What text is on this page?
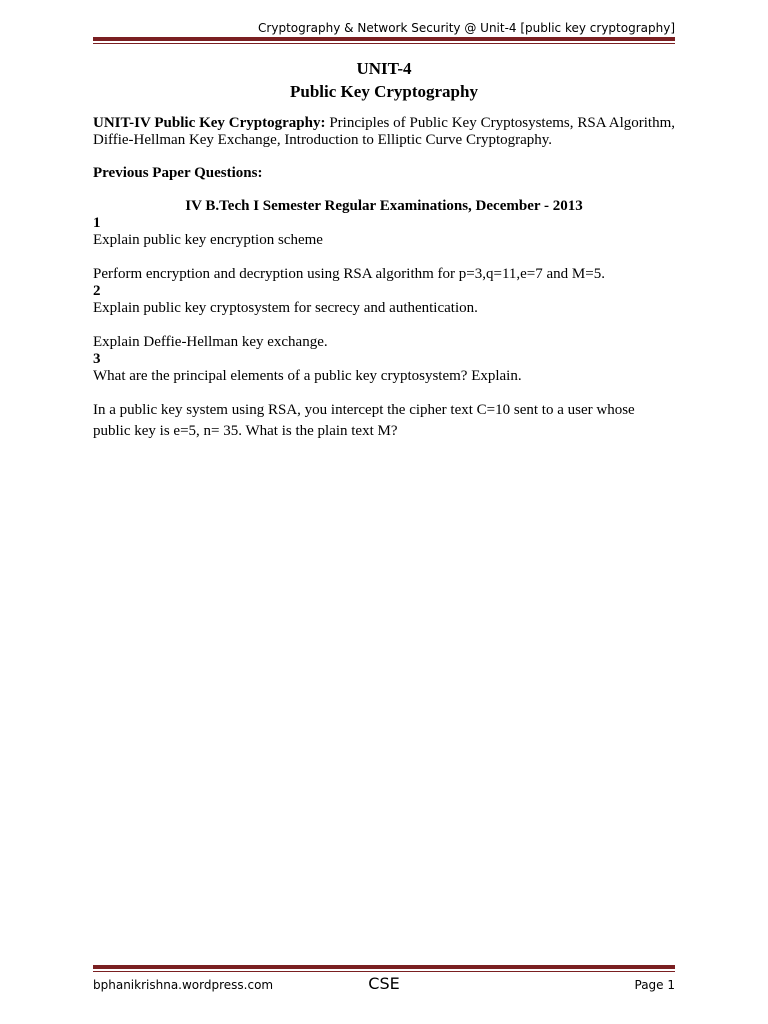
Cryptography & Network Security @ Unit-4 [public key cryptography]

UNIT-4

Public Key Cryptography

UNIT-IV Public Key Cryptography: Principles of Public Key Cryptosystems, RSA Algorithm, Diffie-Hellman Key Exchange, Introduction to Elliptic Curve Cryptography.

Previous Paper Questions:

IV B.Tech I Semester Regular Examinations, December - 2013

1

Explain public key encryption scheme

Perform encryption and decryption using RSA algorithm for p=3,q=11,e=7 and M=5.

2

Explain public key cryptosystem for secrecy and authentication.

Explain Deffie-Hellman key exchange.

3

What are the principal elements of a public key cryptosystem? Explain.

In a public key system using RSA, you intercept the cipher text C=10 sent to a user whose public key is e=5, n= 35. What is the plain text M?

bphanikrishna.wordpress.com	CSE	Page 1
